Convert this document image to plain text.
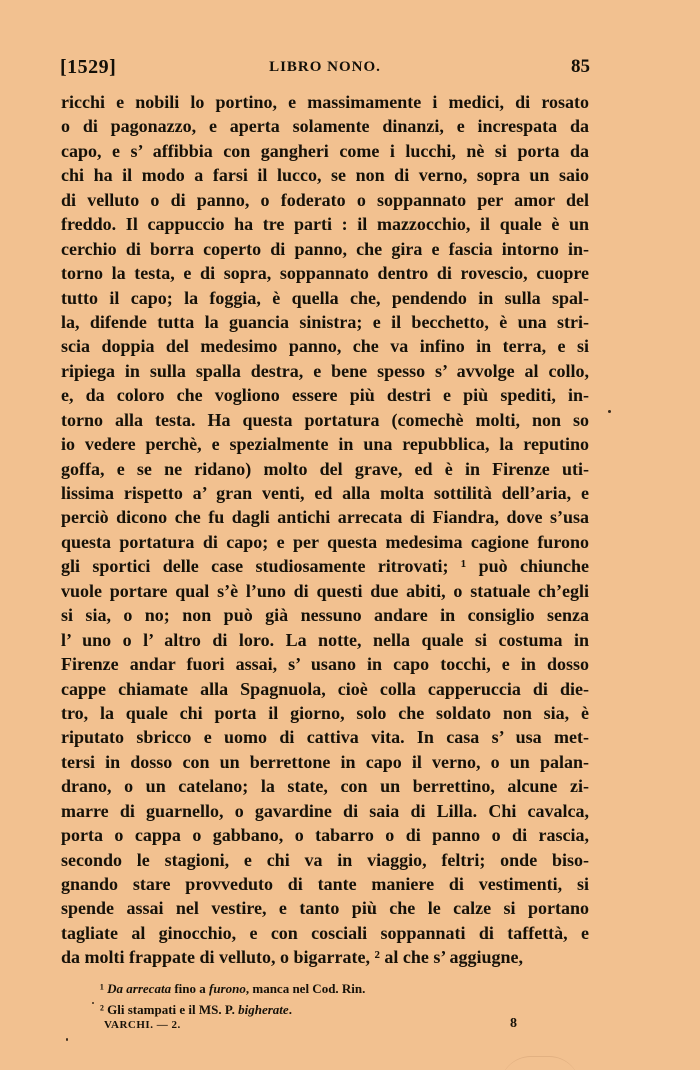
[1529]	LIBRO NONO.	85
ricchi e nobili lo portino, e massimamente i medici, di rosato
o di pagonazzo, e aperta solamente dinanzi, e increspata da
capo, e s’ affibbia con gangheri come i lucchi, nè si porta da
chi ha il modo a farsi il lucco, se non di verno, sopra un saio
di velluto o di panno, o foderato o soppannato per amor del
freddo. Il cappuccio ha tre parti : il mazzocchio, il quale è un
cerchio di borra coperto di panno, che gira e fascia intorno in-
torno la testa, e di sopra, soppannato dentro di rovescio, cuopre
tutto il capo; la foggia, è quella che, pendendo in sulla spal-
la, difende tutta la guancia sinistra; e il becchetto, è una stri-
scia doppia del medesimo panno, che va infino in terra, e si
ripiega in sulla spalla destra, e bene spesso s’ avvolge al collo,
e, da coloro che vogliono essere più destri e più spediti, in-
torno alla testa. Ha questa portatura (comechè molti, non so
io vedere perchè, e spezialmente in una repubblica, la reputino
goffa, e se ne ridano) molto del grave, ed è in Firenze uti-
lissima rispetto a’ gran venti, ed alla molta sottilità dell’aria, e
perciò dicono che fu dagli antichi arrecata di Fiandra, dove s’usa
questa portatura di capo; e per questa medesima cagione furono
gli sportici delle case studiosamente ritrovati; ¹ può chiunche
vuole portare qual s’è l’uno di questi due abiti, o statuale ch’egli
si sia, o no; non può già nessuno andare in consiglio senza
l’ uno o l’ altro di loro. La notte, nella quale si costuma in
Firenze andar fuori assai, s’ usano in capo tocchi, e in dosso
cappe chiamate alla Spagnuola, cioè colla capperuccia di die-
tro, la quale chi porta il giorno, solo che soldato non sia, è
riputato sbricco e uomo di cattiva vita. In casa s’ usa met-
tersi in dosso con un berrettone in capo il verno, o un palan-
drano, o un catelano; la state, con un berrettino, alcune zi-
marre di guarnello, o gavardine di saia di Lilla. Chi cavalca,
porta o cappa o gabbano, o tabarro o di panno o di rascia,
secondo le stagioni, e chi va in viaggio, feltri; onde biso-
gnando stare provveduto di tante maniere di vestimenti, si
spende assai nel vestire, e tanto più che le calze si portano
tagliate al ginocchio, e con cosciali soppannati di taffettà, e
da molti frappate di velluto, o bigarrate, ² al che s’ aggiugne,
¹ Da arrecata fino a furono, manca nel Cod. Rin.
² Gli stampati e il MS. P. bigherate.
VARCHI. — 2.	8
